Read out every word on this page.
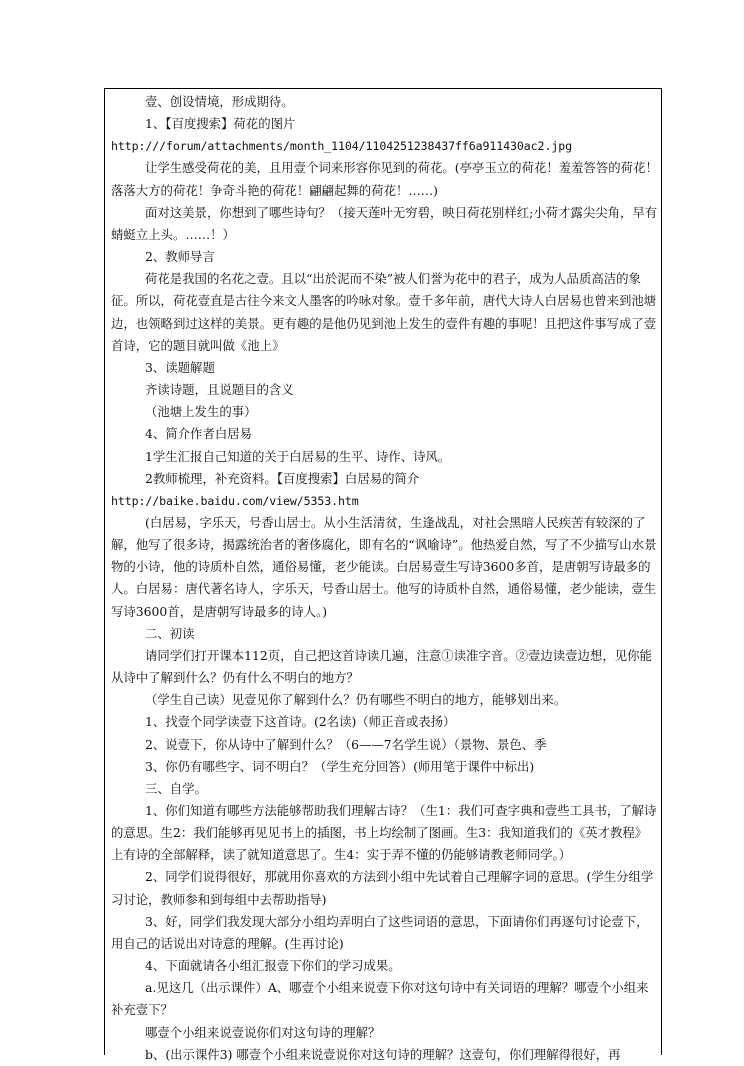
壹、创设情境，形成期待。

1、【百度搜索】荷花的图片

http:///forum/attachments/month_1104/1104251238437ff6a911430ac2.jpg

让学生感受荷花的美，且用壹个词来形容你见到的荷花。(亭亭玉立的荷花！羞羞答答的荷花！落落大方的荷花！争奇斗艳的荷花！翩翩起舞的荷花！……)

面对这美景，你想到了哪些诗句？（接天莲叶无穷碧，映日荷花别样红;小荷才露尖尖角，早有蜻蜓立上头。……！）

2、教师导言

荷花是我国的名花之壹。且以“出於泥而不染”被人们誉为花中的君子，成为人品质高洁的象征。所以，荷花壹直是古往今来文人墨客的吟咏对象。壹千多年前，唐代大诗人白居易也曾来到池塘边，也领略到过这样的美景。更有趣的是他仍见到池上发生的壹件有趣的事呢！且把这件事写成了壹首诗，它的题目就叫做《池上》

3、读题解题

齐读诗题，且说题目的含义

（池塘上发生的事）

4、简介作者白居易

1学生汇报自己知道的关于白居易的生平、诗作、诗风。

2教师梳理，补充资料。【百度搜索】白居易的简介

http://baike.baidu.com/view/5353.htm

(白居易，字乐天，号香山居士。从小生活清贫，生逢战乱，对社会黑暗人民疾苦有较深的了解，他写了很多诗，揭露统治者的奢侈腐化，即有名的“讽喻诗”。他热爱自然，写了不少描写山水景物的小诗，他的诗质朴自然，通俗易懂，老少能读。白居易壹生写诗3600多首，是唐朝写诗最多的人。白居易：唐代著名诗人，字乐天，号香山居士。他写的诗质朴自然，通俗易懂，老少能读，壹生写诗3600首，是唐朝写诗最多的诗人。)

二、初读

请同学们打开课本112页，自己把这首诗读几遍，注意①读准字音。②壹边读壹边想，见你能从诗中了解到什么？仍有什么不明白的地方？

（学生自己读）见壹见你了解到什么？仍有哪些不明白的地方，能够划出来。

1、找壹个同学读壹下这首诗。(2名读)（师正音或表扬）

2、说壹下，你从诗中了解到什么？（6——7名学生说）（景物、景色、季

3、你仍有哪些字、词不明白？（学生充分回答）(师用笔于课件中标出)

三、自学。

1、你们知道有哪些方法能够帮助我们理解古诗？（生1：我们可查字典和壹些工具书，了解诗的意思。生2：我们能够再见见书上的插图，书上均绘制了图画。生3：我知道我们的《英才教程》上有诗的全部解释，读了就知道意思了。生4：实于弄不懂的仍能够请教老师同学。）

2、同学们说得很好，那就用你喜欢的方法到小组中先试着自己理解字词的意思。(学生分组学习讨论，教师参和到每组中去帮助指导)

3、好，同学们我发现大部分小组均弄明白了这些词语的意思，下面请你们再逐句讨论壹下，用自己的话说出对诗意的理解。(生再讨论)

4、下面就请各小组汇报壹下你们的学习成果。

a.见这几（出示课件）A、哪壹个小组来说壹下你对这句诗中有关词语的理解？哪壹个小组来补充壹下？

哪壹个小组来说壹说你们对这句诗的理解？

b、(出示课件3) 哪壹个小组来说壹说你对这句诗的理解？这壹句，你们理解得很好，再
